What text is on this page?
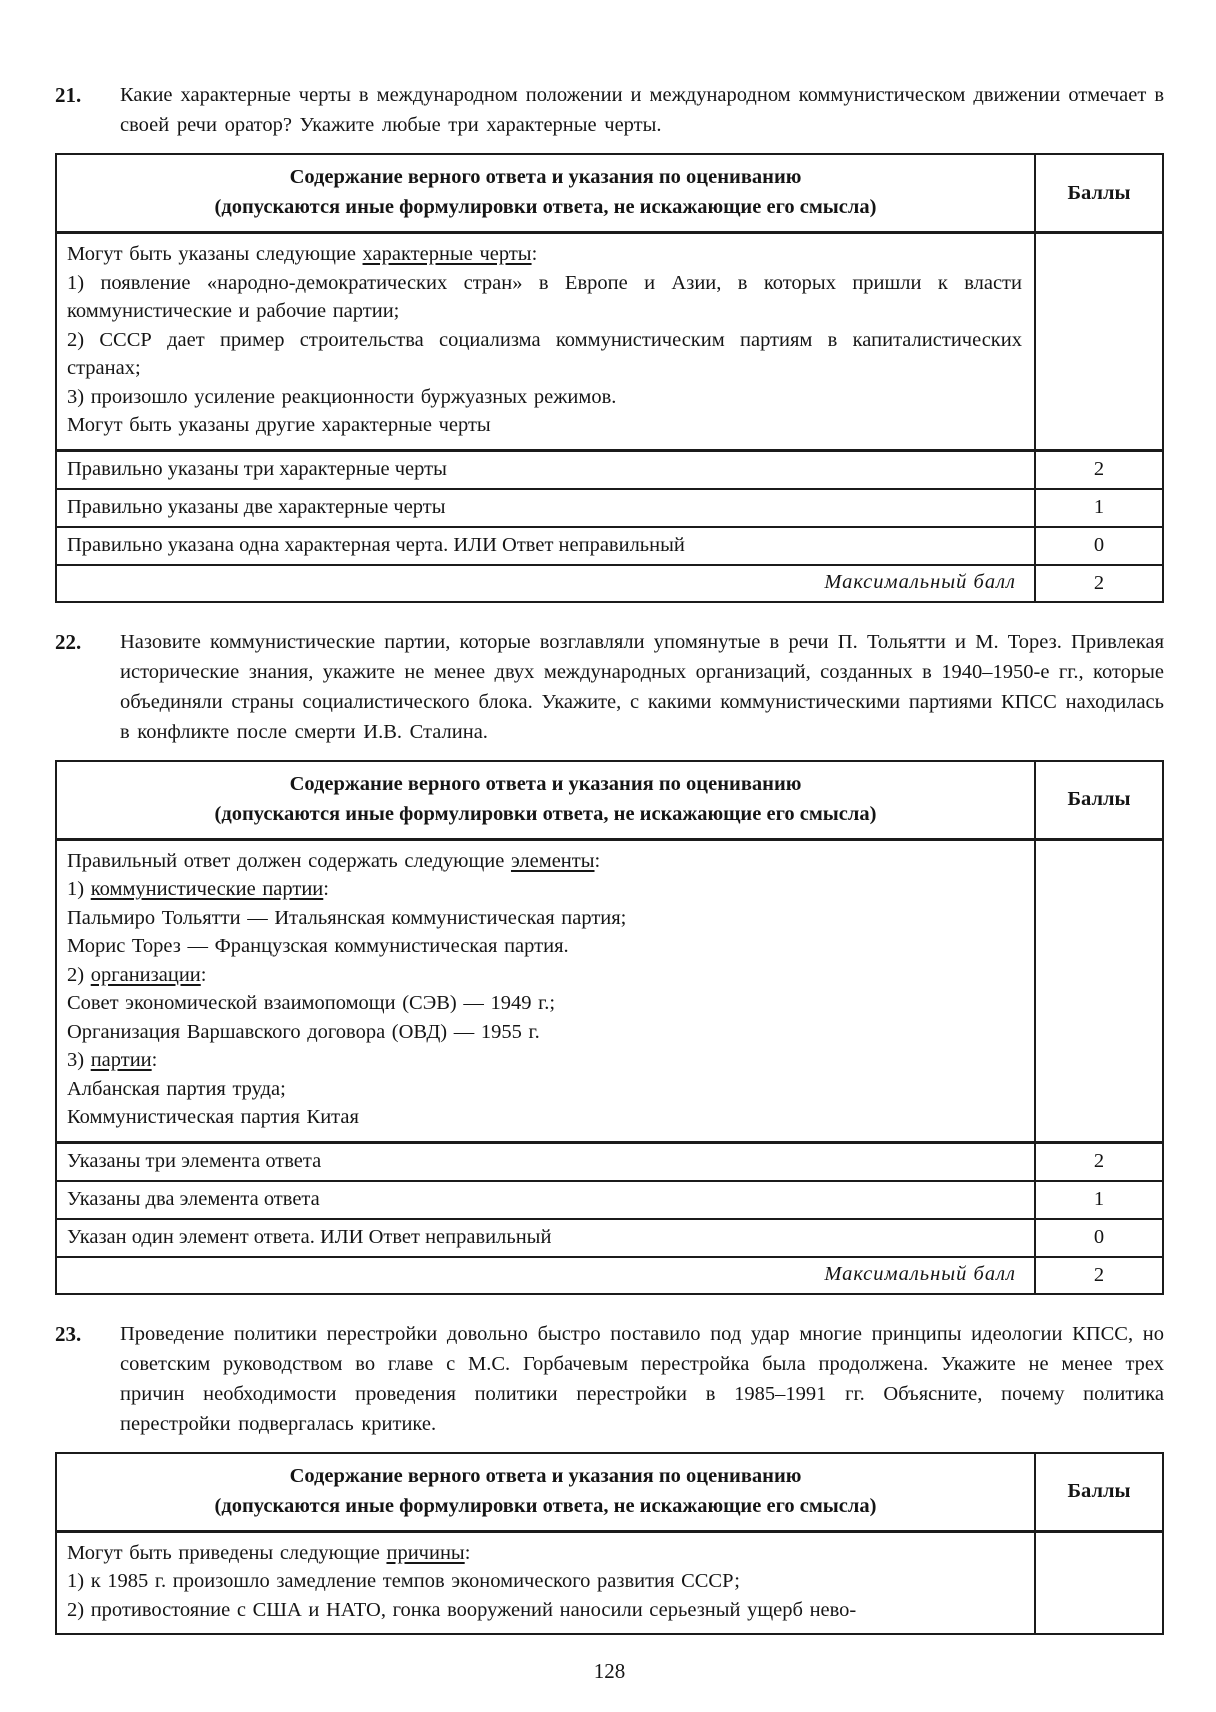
21.	Какие характерные черты в международном положении и международном коммунистическом движении отмечает в своей речи оратор? Укажите любые три характерные черты.
Содержание верного ответа и указания по оцениванию
(допускаются иные формулировки ответа, не искажающие его смысла)	Баллы

Могут быть указаны следующие характерные черты:
1) появление «народно-демократических стран» в Европе и Азии, в которых пришли к власти коммунистические и рабочие партии;
2) СССР дает пример строительства социализма коммунистическим партиям в капиталистических странах;
3) произошло усиление реакционности буржуазных режимов.
Могут быть указаны другие характерные черты	

Правильно указаны три характерные черты	2
Правильно указаны две характерные черты	1
Правильно указана одна характерная черта. ИЛИ Ответ неправильный	0
Максимальный балл	2
22.	Назовите коммунистические партии, которые возглавляли упомянутые в речи П. Тольятти и М. Торез. Привлекая исторические знания, укажите не менее двух международных организаций, созданных в 1940–1950-е гг., которые объединяли страны социалистического блока. Укажите, с какими коммунистическими партиями КПСС находилась в конфликте после смерти И.В. Сталина.
Содержание верного ответа и указания по оцениванию
(допускаются иные формулировки ответа, не искажающие его смысла)	Баллы

Правильный ответ должен содержать следующие элементы:
1) коммунистические партии:
Пальмиро Тольятти — Итальянская коммунистическая партия;
Морис Торез — Французская коммунистическая партия.
2) организации:
Совет экономической взаимопомощи (СЭВ) — 1949 г.;
Организация Варшавского договора (ОВД) — 1955 г.
3) партии:
Албанская партия труда;
Коммунистическая партия Китая

Указаны три элемента ответа	2
Указаны два элемента ответа	1
Указан один элемент ответа. ИЛИ Ответ неправильный	0
Максимальный балл	2
23.	Проведение политики перестройки довольно быстро поставило под удар многие принципы идеологии КПСС, но советским руководством во главе с М.С. Горбачевым перестройка была продолжена. Укажите не менее трех причин необходимости проведения политики перестройки в 1985–1991 гг. Объясните, почему политика перестройки подвергалась критике.
Содержание верного ответа и указания по оцениванию
(допускаются иные формулировки ответа, не искажающие его смысла)	Баллы

Могут быть приведены следующие причины:
1) к 1985 г. произошло замедление темпов экономического развития СССР;
2) противостояние с США и НАТО, гонка вооружений наносили серьезный ущерб нево-	

128
